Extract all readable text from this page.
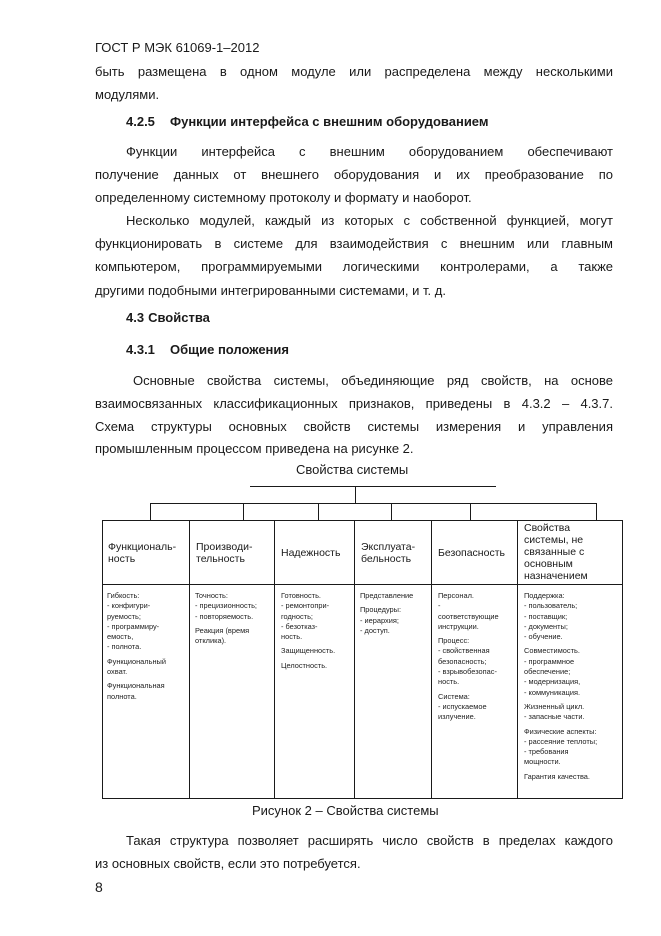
ГОСТ Р МЭК 61069-1–2012

быть размещена в одном модуле или распределена между несколькими

модулями.

4.2.5 Функции интерфейса с внешним оборудованием

Функции интерфейса с внешним оборудованием обеспечивают

получение данных от внешнего оборудования и их преобразование по

определенному системному протоколу и формату и наоборот.

Несколько модулей, каждый из которых с собственной функцией, могут

функционировать в системе для взаимодействия с внешним или главным

компьютером, программируемыми логическими контролерами, а также

другими подобными интегрированными системами, и т. д.

4.3 Свойства

4.3.1 Общие положения

Основные свойства системы, объединяющие ряд свойств, на основе

взаимосвязанных классификационных признаков, приведены в 4.3.2 – 4.3.7.

Схема структуры основных свойств системы измерения и управления

промышленным процессом приведена на рисунке 2.

Свойства системы
Функциональ-
ность
Производи-
тельность	Надежность Эксплуата-
бельность	Безопасность
Свойства
системы, не
связанные с
основным
назначением
Гибкость:
- конфигури-
руемость;
- программиру-
емость,
- полнота.
Функциональный
охват.
Функциональная
полнота.
Точность:
- прецизионность;
- повторяемость.
Реакция (время
отклика).
Готовность.
- ремонтопри-
годность;
- безотказ-
ность.
Защищенность.
Целостность.
Представление
Процедуры:
- иерархия;
- доступ.
Персонал.
-
соответствующие
инструкции.
Процесс:
- свойственная
безопасность;
- взрывобезопас-
ность.
Система:
- испускаемое
излучение.
Поддержка:
- пользователь;
- поставщик;
- документы;
- обучение.
Совместимость.
- программное
обеспечение;
- модернизация,
- коммуникация.
Жизненный цикл.
- запасные части.
Физические аспекты:
- рассеяние теплоты;
- требования
мощности.
Гарантия качества.
Рисунок 2 – Свойства системы

Такая структура позволяет расширять число свойств в пределах каждого

из основных свойств, если это потребуется.

8
